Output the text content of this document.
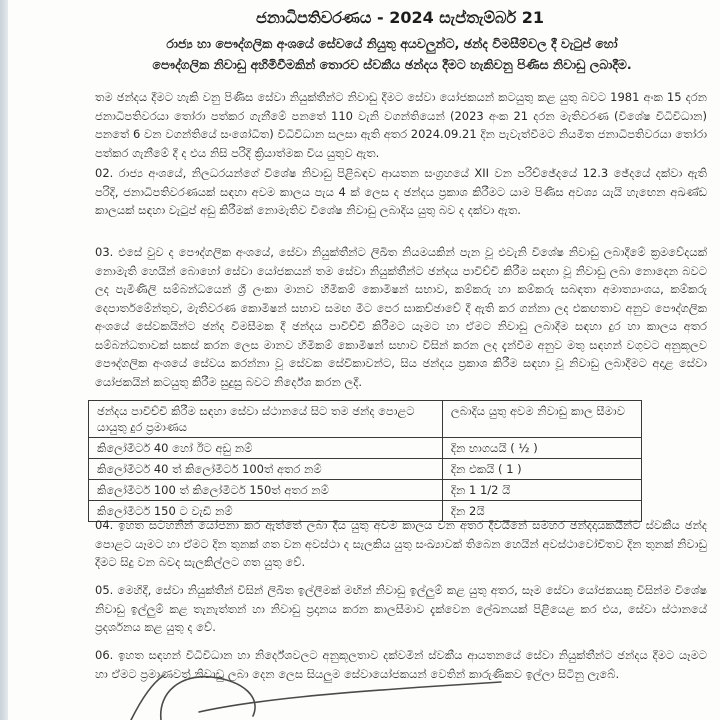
ජනාධිපතිවරණය - 2024 සැප්තැම්බර් 21
රාජ්‍ය හා පෞද්ගලික අංශයේ සේවයේ නියුතු අයවලුන්ට, ඡන්ද විමසීම්වල දී වැටුප් හෝ
පෞද්ගලික නිවාඩු අහිමිවීමකින් තොරව ස්වකීය ඡන්දය දීමට හැකිවනු පිණිස නිවාඩු ලබාදීම.

තම ඡන්දය දීමට හැකි වනු පිණිස සේවා නියුක්තීන්ට නිවාඩු දීමට සේවා යෝජකයන් කටයුතු කළ යුතු බවට 1981 අංක 15 දරන ජනාධිපතිවරයා තෝරා පත්කර ගැනීමේ පනතේ 110 වැනි වගන්තියෙන් (2023 අංක 21 දරන මැතිවරණ (විශේෂ විධිවිධාන) පනතේ 6 වන වගන්තියේ සංශෝධිත) විධිවිධාන සලසා ඇති අතර 2024.09.21 දින පැවැත්වීමට නියමිත ජනාධිපතිවරයා තෝරා පත්කර ගැනීමේ දී ද එය නිසි පරිදි ක්‍රියාත්මක විය යුතුව ඇත.

02. රාජ්‍ය අංශයේ, නිලධරයන්ගේ විශේෂ නිවාඩු පිළිබඳව ආයතන සංග්‍රහයේ XII වන පරිච්ඡේදයේ 12.3 ඡේදයේ දක්වා ඇති පරිදි, ජනාධිපතිවරණයක් සඳහා අවම කාලය පැය 4 ක් ලෙස ද ඡන්දය ප්‍රකාශ කිරීමට යාම පිණිස අවශ්‍ය යැයි හැඟෙන අඛණ්ඩ කාලයක් සඳහා වැටුප් අඩු කිරීමක් නොමැතිව විශේෂ නිවාඩු ලබාදිය යුතු බව ද දක්වා ඇත.

03. එසේ වුව ද පෞද්ගලික අංශයේ, සේවා නියුක්තීන්ට ලිඛිත නියමයකින් පැන වූ එවැනි විශේෂ නිවාඩු ලබාදීමේ ක්‍රමවේදයක් නොමැති හෙයින් බොහෝ සේවා යෝජකයන් තම සේවා නියුක්තීන්ට ඡන්දය පාවිච්චි කිරීම සඳහා වූ නිවාඩු ලබා නොදෙන බවට ලද පැමිණිලි සම්බන්ධයෙන් ශ්‍රී ලංකා මානව හිමිකම් කොමිෂන් සභාව, කම්කරු හා කම්කරු සබඳතා අමාත්‍යාංශය, කම්කරු දෙපාර්තමේන්තුව, මැතිවරණ කොමිෂන් සභාව සමඟ මීට පෙර සාකච්ඡාවේ දී ඇති කර ගන්නා ලද එකඟතාව අනුව පෞද්ගලික අංශයේ සේවකයින්ට ඡන්ද විමසීමක දී ඡන්දය පාවිච්චි කිරීමට යෑමට හා ඒමට නිවාඩු ලබාදීම සඳහා දුර හා කාලය අතර සම්බන්ධතාවක් සකස් කරන ලෙස මානව හිමිකම් කොමිෂන් සභාව විසින් කරන ලද දැන්වීම අනුව මතු සඳහන් වගුවට අනුකූලව පෞද්ගලික අංශයේ සේවය කරන්නා වූ සේවක සේවිකාවන්ට, සිය ඡන්දය ප්‍රකාශ කිරීම සඳහා වූ නිවාඩු ලබාදීමට අදාළ සේවා යෝජකයින් කටයුතු කිරීම සුදුසු බවට නිර්දේශ කරන ලදී.

ඡන්දය පාවිච්චි කිරීම සඳහා සේවා ස්ථානයේ සිට තම ඡන්ද පොළට යායුතු දුර ප්‍රමාණය	ලබාදිය යුතු අවම නිවාඩු කාල සීමාව
කිලෝමීටර් 40 හෝ ඊට අඩු නම්	දින භාගයයි ( ½ )
කිලෝමීටර් 40 ත් කිලෝමීටර් 100ත් අතර නම්	දින එකයි ( 1 )
කිලෝමීටර් 100 ත් කිලෝමීටර් 150ත් අතර නම්	දින 1 1/2 යි
කිලෝමීටර් 150 ට වැඩි නම්	දින 2යි

04. ඉහත සටහනින් යෝජනා කර ඇත්තේ ලබා දිය යුතු අවම කාලය වන අතර දිවයිනේ සමහර ඡන්දදායකයින්ට ස්වකීය ඡන්ද පොළට යෑමට හා ඒමට දින තුනක් ගත වන අවස්ථා ද සැලකිය යුතු සංඛ්‍යාවක් තිබෙන හෙයින් අවස්ථාවෝචිතව දින තුනක් නිවාඩු දීමට සිදු වන බවද සැලකිල්ලට ගත යුතු වේ.

05. මෙහිදී, සේවා නියුක්තීන් විසින් ලිඛිත ඉල්ලීමක් මඟින් නිවාඩු ඉල්ලුම් කළ යුතු අතර, සෑම සේවා යෝජකයකු විසින්ම විශේෂ නිවාඩු ඉල්ලුම් කළ තැනැත්තන් හා නිවාඩු ප්‍රදානය කරන කාලසීමාව දැක්වෙන ලේඛනයක් පිළියෙළ කර එය, සේවා ස්ථානයේ ප්‍රදර්ශනය කළ යුතු ද වේ.

06. ඉහත සඳහන් විධිවිධාන හා නිර්දේශවලට අනුකූලතාව දක්වමින් ස්වකීය ආයතනයේ සේවා නියුක්තීන්ට ඡන්දය දීමට යෑමට හා ඒමට ප්‍රමාණවත් නිවාඩු ලබා දෙන ලෙස සියලුම සේවායෝජකයන් වෙතින් කාරුණිකව ඉල්ලා සිටිනු ලැබේ.
